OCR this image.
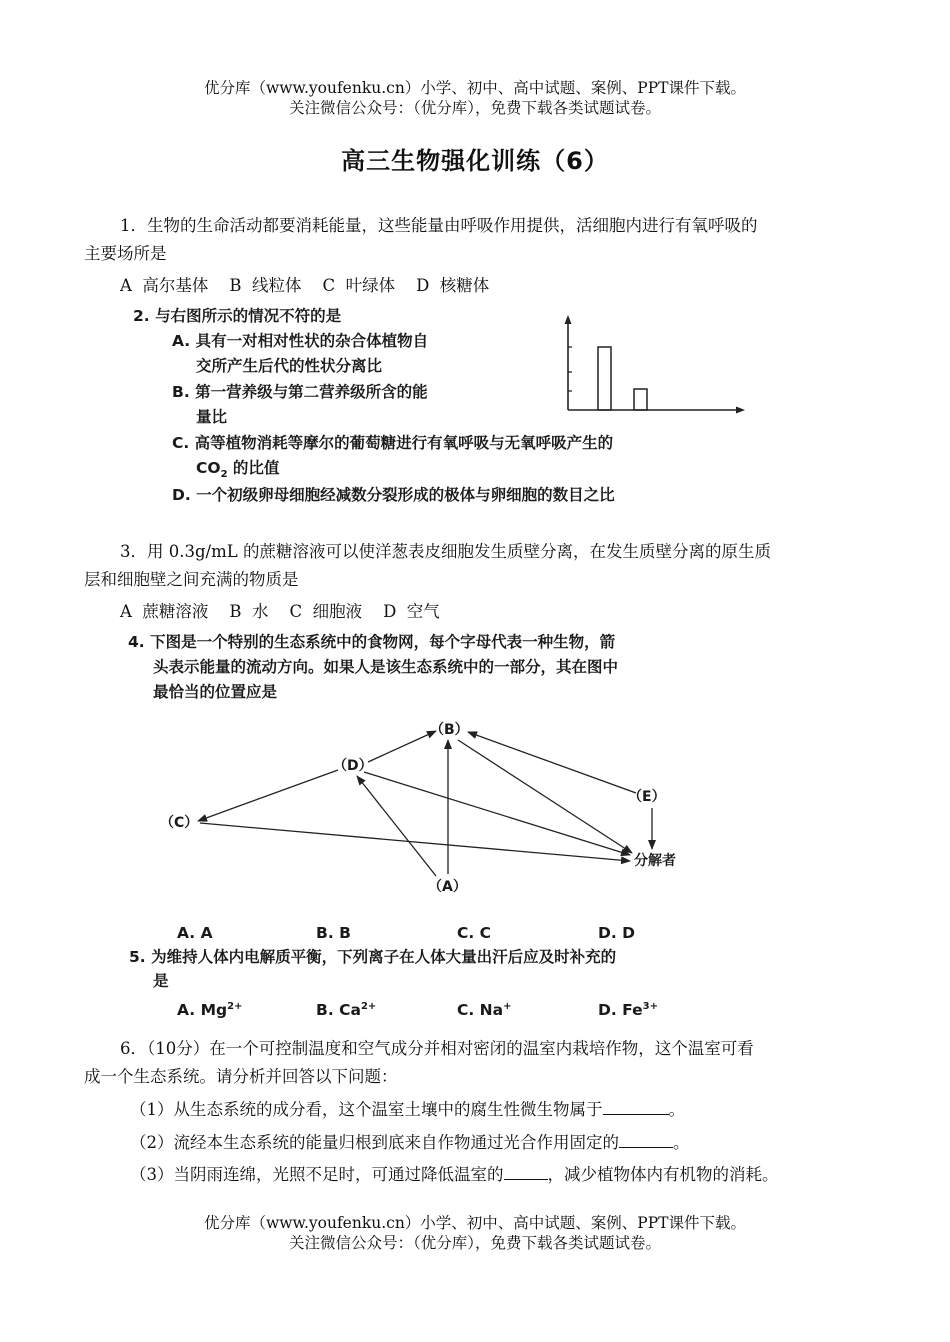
优分库（www.youfenku.cn）小学、初中、高中试题、案例、PPT课件下载。
关注微信公众号：（优分库），免费下载各类试题试卷。
高三生物强化训练（6）
1．生物的生命活动都要消耗能量，这些能量由呼吸作用提供，活细胞内进行有氧呼吸的
主要场所是
A  高尔基体    B  线粒体    C  叶绿体    D  核糖体
2. 与右图所示的情况不符的是
A. 具有一对相对性状的杂合体植物自
交所产生后代的性状分离比
B. 第一营养级与第二营养级所含的能
量比
C. 高等植物消耗等摩尔的葡萄糖进行有氧呼吸与无氧呼吸产生的
$CO_2$ 的比值
D. 一个初级卵母细胞经减数分裂形成的极体与卵细胞的数目之比
3．用 0.3g/mL 的蔗糖溶液可以使洋葱表皮细胞发生质壁分离，在发生质壁分离的原生质
层和细胞壁之间充满的物质是
A  蔗糖溶液    B  水    C  细胞液    D  空气
4. 下图是一个特别的生态系统中的食物网，每个字母代表一种生物，箭
头表示能量的流动方向。如果人是该生态系统中的一部分，其在图中
最恰当的位置应是
（B）
（D）
（E）
（C）
（A）
分解者
A. A	B. B	C. C	D. D
5. 为维持人体内电解质平衡，下列离子在人体大量出汗后应及时补充的
是
A. $Mg^{2+}$	B. $Ca^{2+}$	C. Na+	D. $Fe^{3+}$
6．（10分）在一个可控制温度和空气成分并相对密闭的温室内栽培作物，这个温室可看
成一个生态系统。请分析并回答以下问题：
（1）从生态系统的成分看，这个温室土壤中的腐生性微生物属于	。
（2）流经本生态系统的能量归根到底来自作物通过光合作用固定的	。
（3）当阴雨连绵，光照不足时，可通过降低温室的	，减少植物体内有机物的消耗。
优分库（www.youfenku.cn）小学、初中、高中试题、案例、PPT课件下载。
关注微信公众号：（优分库），免费下载各类试题试卷。
